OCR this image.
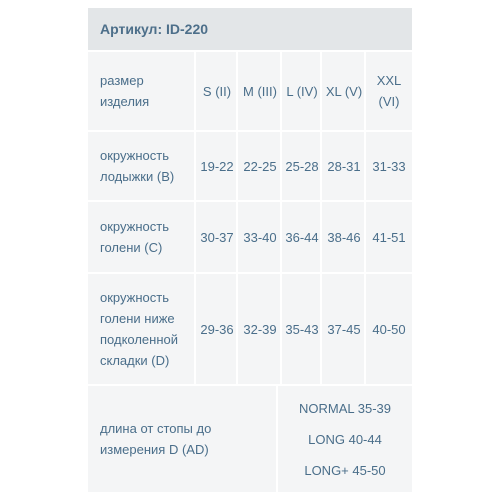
Артикул: ID-220
размер изделия
S (II) M (III) L (IV) XL (V)
XXL (VI)
окружность лодыжки (B)
19-22 22-25 25-28 28-31 31-33
окружность голени (C)
30-37 33-40 36-44 38-46 41-51
окружность голени ниже подколенной складки (D)
29-36 32-39 35-43 37-45 40-50
длина от стопы до измерения D (AD)
NORMAL 35-39
LONG 40-44
LONG+ 45-50
